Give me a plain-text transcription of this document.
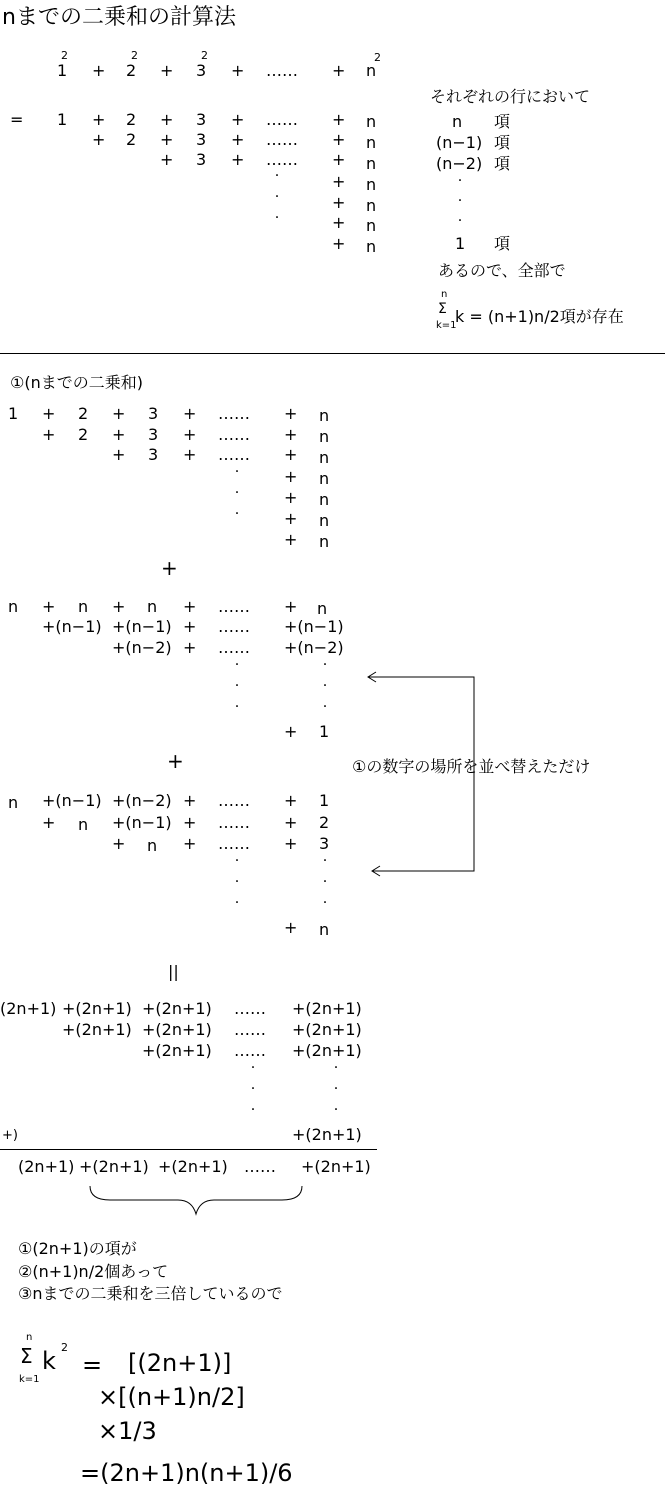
nまでの二乗和の計算法
1
2
+ 2
2
+ 3
2
+ …… + n
2
= 1 + 2 + 3 + …… + n
+ 2 + 3 + …… + n
+ 3 + …… + n
・	+ n
・	+ n
・	+ n
+ n
それぞれの行において
n 項
(n−1) 項
(n−2) 項
・
・
・
1 項
あるので、全部で
n
Σ
k=1
k = (n+1)n/2項が存在
①(nまでの二乗和)
1 + 2 + 3 + …… + n
+ 2 + 3 + …… + n
+ 3 + …… + n
・	+ n
・	+ n
・	+ n
+ n
+
n + n + n + …… + n
+(n−1) +(n−1) + …… +(n−1)
+(n−2) + …… +(n−2)
・	・
・	・
・	・
+ 1
+
n +(n−1) +(n−2) + …… + 1
+ n +(n−1) + …… + 2
+ n + …… + 3
・	・
・	・
・	・
+ n
①の数字の場所を並べ替えただけ
||
(2n+1) +(2n+1) +(2n+1) …… +(2n+1)
+(2n+1) +(2n+1) …… +(2n+1)
+(2n+1) …… +(2n+1)
・	・
・	・
・	・
+)	+(2n+1)
(2n+1) +(2n+1) +(2n+1) …… +(2n+1)
①(2n+1)の項が
②(n+1)n/2個あって
③nまでの二乗和を三倍しているので
n
Σ
k=1
k 2
= [(2n+1)]
×[(n+1)n/2]
×1/3
=(2n+1)n(n+1)/6
